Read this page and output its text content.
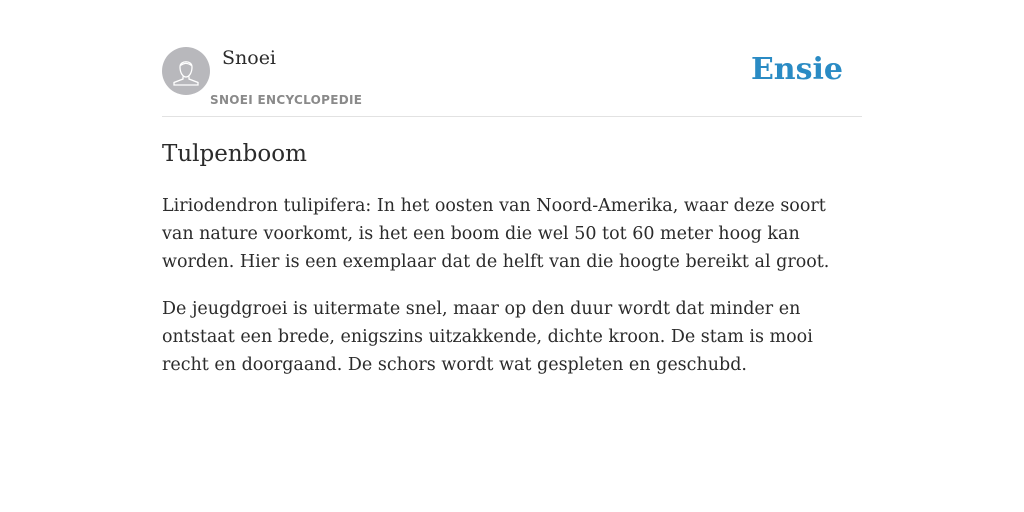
Snoei
SNOEI ENCYCLOPEDIE
Ensie
Tulpenboom

Liriodendron tulipifera: In het oosten van Noord-Amerika, waar deze soort van nature voorkomt, is het een boom die wel 50 tot 60 meter hoog kan worden. Hier is een exemplaar dat de helft van die hoogte bereikt al groot.

De jeugdgroei is uitermate snel, maar op den duur wordt dat minder en ontstaat een brede, enigszins uitzakkende, dichte kroon. De stam is mooi recht en doorgaand. De schors wordt wat gespleten en geschubd.
